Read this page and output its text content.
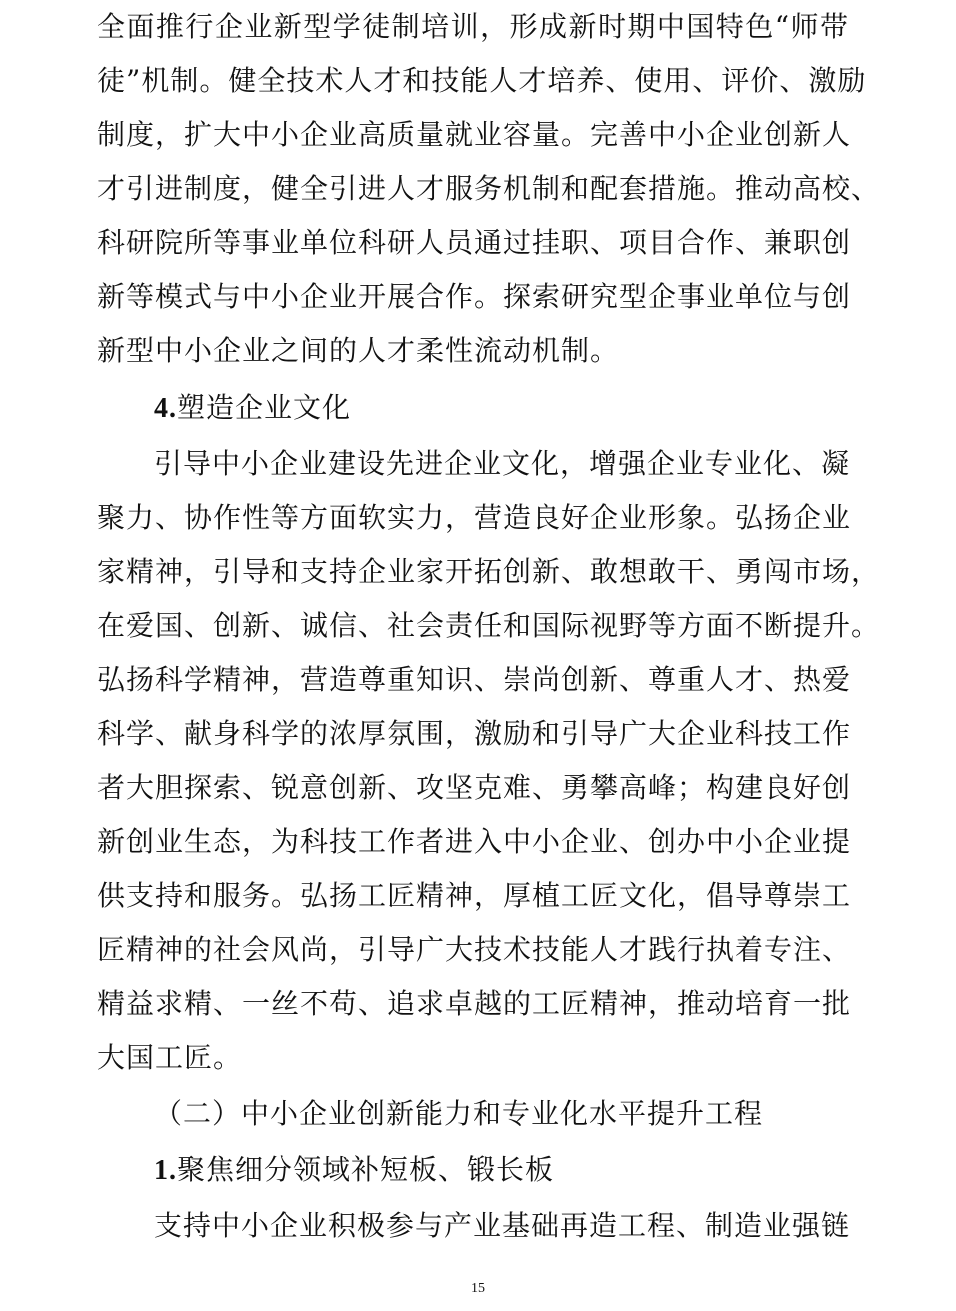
全面推行企业新型学徒制培训，形成新时期中国特色“师带
徒”机制。健全技术人才和技能人才培养、使用、评价、激励
制度，扩大中小企业高质量就业容量。完善中小企业创新人
才引进制度，健全引进人才服务机制和配套措施。推动高校、
科研院所等事业单位科研人员通过挂职、项目合作、兼职创
新等模式与中小企业开展合作。探索研究型企事业单位与创
新型中小企业之间的人才柔性流动机制。
4.塑造企业文化
引导中小企业建设先进企业文化，增强企业专业化、凝
聚力、协作性等方面软实力，营造良好企业形象。弘扬企业
家精神，引导和支持企业家开拓创新、敢想敢干、勇闯市场，
在爱国、创新、诚信、社会责任和国际视野等方面不断提升。
弘扬科学精神，营造尊重知识、崇尚创新、尊重人才、热爱
科学、献身科学的浓厚氛围，激励和引导广大企业科技工作
者大胆探索、锐意创新、攻坚克难、勇攀高峰；构建良好创
新创业生态，为科技工作者进入中小企业、创办中小企业提
供支持和服务。弘扬工匠精神，厚植工匠文化，倡导尊崇工
匠精神的社会风尚，引导广大技术技能人才践行执着专注、
精益求精、一丝不苟、追求卓越的工匠精神，推动培育一批
大国工匠。
（二）中小企业创新能力和专业化水平提升工程
1.聚焦细分领域补短板、锻长板
支持中小企业积极参与产业基础再造工程、制造业强链
15
